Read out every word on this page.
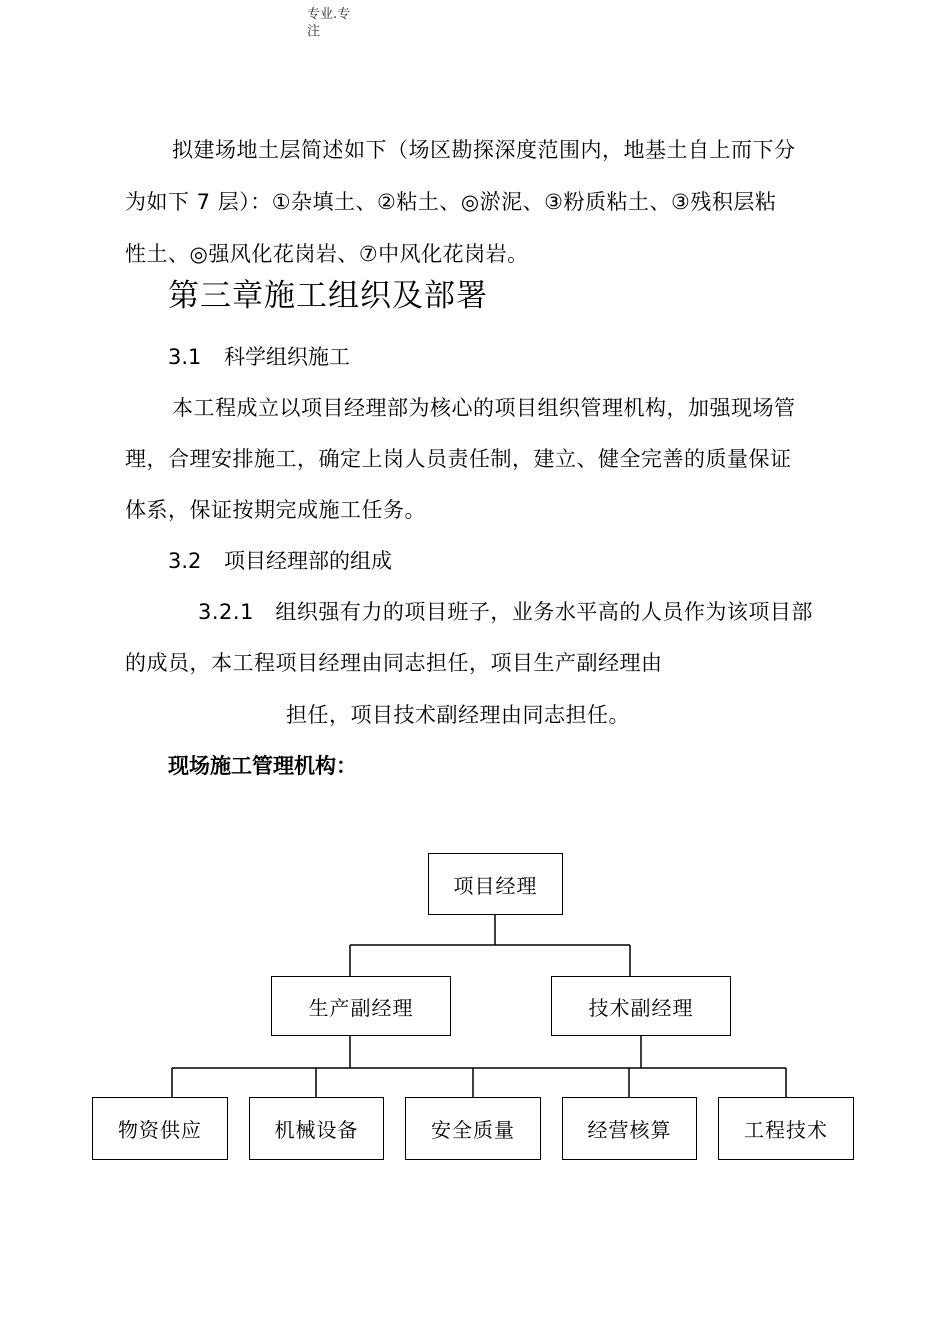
专业.专
注
拟建场地土层简述如下（场区勘探深度范围内，地基土自上而下分
为如下 7 层）：①杂填土、②粘土、◎淤泥、③粉质粘土、③残积层粘
性土、◎强风化花岗岩、⑦中风化花岗岩。
第三章施工组织及部署
3.1 科学组织施工
本工程成立以项目经理部为核心的项目组织管理机构，加强现场管
理，合理安排施工，确定上岗人员责任制，建立、健全完善的质量保证
体系，保证按期完成施工任务。
3.2 项目经理部的组成
3.2.1　组织强有力的项目班子，业务水平高的人员作为该项目部
的成员，本工程项目经理由同志担任，项目生产副经理由
担任，项目技术副经理由同志担任。
现场施工管理机构：
项目经理
生产副经理	技术副经理
物资供应	机械设备	安全质量	经营核算	工程技术
